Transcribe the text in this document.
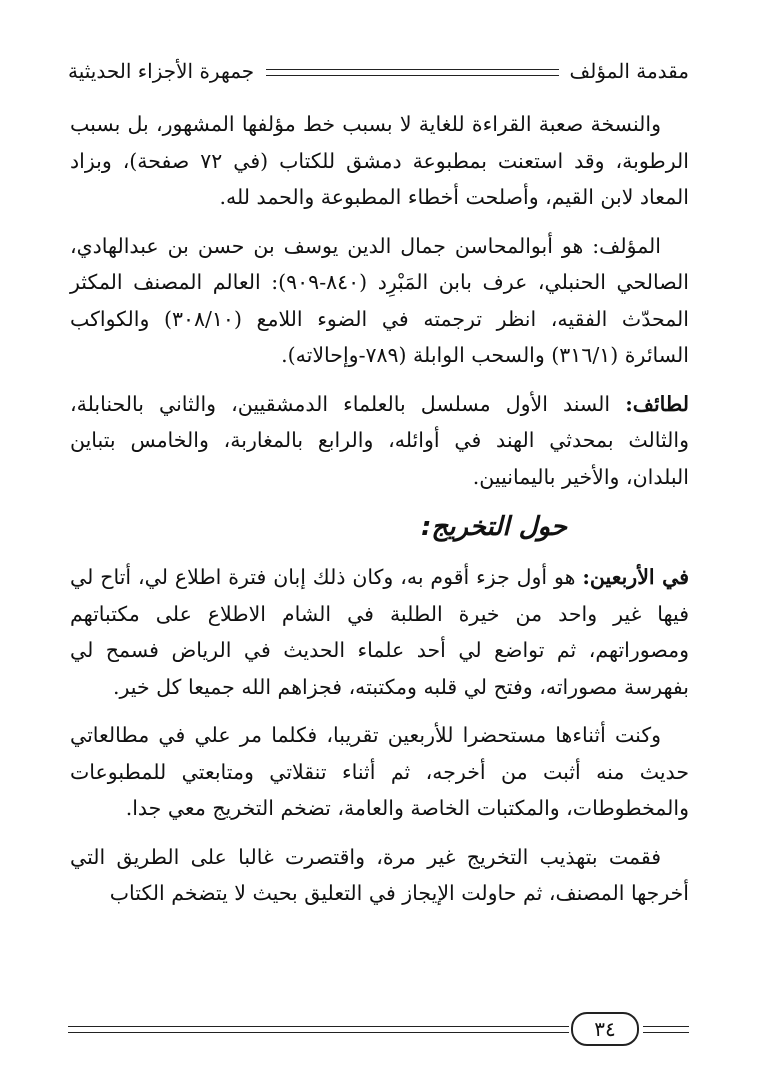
مقدمة المؤلف
جمهرة الأجزاء الحديثية

والنسخة صعبة القراءة للغاية لا بسبب خط مؤلفها المشهور، بل بسبب الرطوبة، وقد استعنت بمطبوعة دمشق للكتاب (في ٧٢ صفحة)، وبزاد المعاد لابن القيم، وأصلحت أخطاء المطبوعة والحمد لله.

المؤلف: هو أبوالمحاسن جمال الدين يوسف بن حسن بن عبدالهادي، الصالحي الحنبلي، عرف بابن المَبْرِد (٨٤٠-٩٠٩): العالم المصنف المكثر المحدّث الفقيه، انظر ترجمته في الضوء اللامع (٣٠٨/١٠) والكواكب السائرة (٣١٦/١) والسحب الوابلة (٧٨٩-وإحالاته).

لطائف: السند الأول مسلسل بالعلماء الدمشقيين، والثاني بالحنابلة، والثالث بمحدثي الهند في أوائله، والرابع بالمغاربة، والخامس بتباين البلدان، والأخير باليمانيين.

حول التخريج:

في الأربعين: هو أول جزء أقوم به، وكان ذلك إبان فترة اطلاع لي، أتاح لي فيها غير واحد من خيرة الطلبة في الشام الاطلاع على مكتباتهم ومصوراتهم، ثم تواضع لي أحد علماء الحديث في الرياض فسمح لي بفهرسة مصوراته، وفتح لي قلبه ومكتبته، فجزاهم الله جميعا كل خير.

وكنت أثناءها مستحضرا للأربعين تقريبا، فكلما مر علي في مطالعاتي حديث منه أثبت من أخرجه، ثم أثناء تنقلاتي ومتابعتي للمطبوعات والمخطوطات، والمكتبات الخاصة والعامة، تضخم التخريج معي جدا.

فقمت بتهذيب التخريج غير مرة، واقتصرت غالبا على الطريق التي أخرجها المصنف، ثم حاولت الإيجاز في التعليق بحيث لا يتضخم الكتاب

٣٤
